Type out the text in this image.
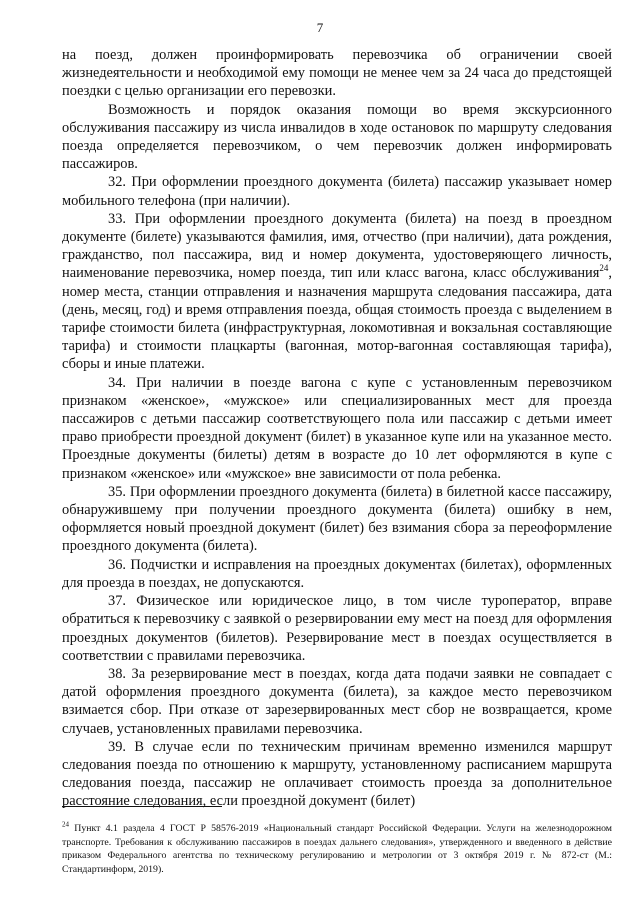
7

на поезд, должен проинформировать перевозчика об ограничении своей жизнедеятельности и необходимой ему помощи не менее чем за 24 часа до предстоящей поездки с целью организации его перевозки.

Возможность и порядок оказания помощи во время экскурсионного обслуживания пассажиру из числа инвалидов в ходе остановок по маршруту следования поезда определяется перевозчиком, о чем перевозчик должен информировать пассажиров.

32. При оформлении проездного документа (билета) пассажир указывает номер мобильного телефона (при наличии).

33. При оформлении проездного документа (билета) на поезд в проездном документе (билете) указываются фамилия, имя, отчество (при наличии), дата рождения, гражданство, пол пассажира, вид и номер документа, удостоверяющего личность, наименование перевозчика, номер поезда, тип или класс вагона, класс обслуживания$^{24}$, номер места, станции отправления и назначения маршрута следования пассажира, дата (день, месяц, год) и время отправления поезда, общая стоимость проезда с выделением в тарифе стоимости билета (инфраструктурная, локомотивная и вокзальная составляющие тарифа) и стоимости плацкарты (вагонная, мотор-вагонная составляющая тарифа), сборы и иные платежи.

34. При наличии в поезде вагона с купе с установленным перевозчиком признаком «женское», «мужское» или специализированных мест для проезда пассажиров с детьми пассажир соответствующего пола или пассажир с детьми имеет право приобрести проездной документ (билет) в указанное купе или на указанное место. Проездные документы (билеты) детям в возрасте до 10 лет оформляются в купе с признаком «женское» или «мужское» вне зависимости от пола ребенка.

35. При оформлении проездного документа (билета) в билетной кассе пассажиру, обнаружившему при получении проездного документа (билета) ошибку в нем, оформляется новый проездной документ (билет) без взимания сбора за переоформление проездного документа (билета).

36. Подчистки и исправления на проездных документах (билетах), оформленных для проезда в поездах, не допускаются.

37. Физическое или юридическое лицо, в том числе туроператор, вправе обратиться к перевозчику с заявкой о резервировании ему мест на поезд для оформления проездных документов (билетов). Резервирование мест в поездах осуществляется в соответствии с правилами перевозчика.

38. За резервирование мест в поездах, когда дата подачи заявки не совпадает с датой оформления проездного документа (билета), за каждое место перевозчиком взимается сбор. При отказе от зарезервированных мест сбор не возвращается, кроме случаев, установленных правилами перевозчика.

39. В случае если по техническим причинам временно изменился маршрут следования поезда по отношению к маршруту, установленному расписанием маршрута следования поезда, пассажир не оплачивает стоимость проезда за дополнительное расстояние следования, если проездной документ (билет)

$^{24}$ Пункт 4.1 раздела 4 ГОСТ Р 58576-2019 «Национальный стандарт Российской Федерации. Услуги на железнодорожном транспорте. Требования к обслуживанию пассажиров в поездах дальнего следования», утвержденного и введенного в действие приказом Федерального агентства по техническому регулированию и метрологии от 3 октября 2019 г. № 872-ст (М.: Стандартинформ, 2019).
